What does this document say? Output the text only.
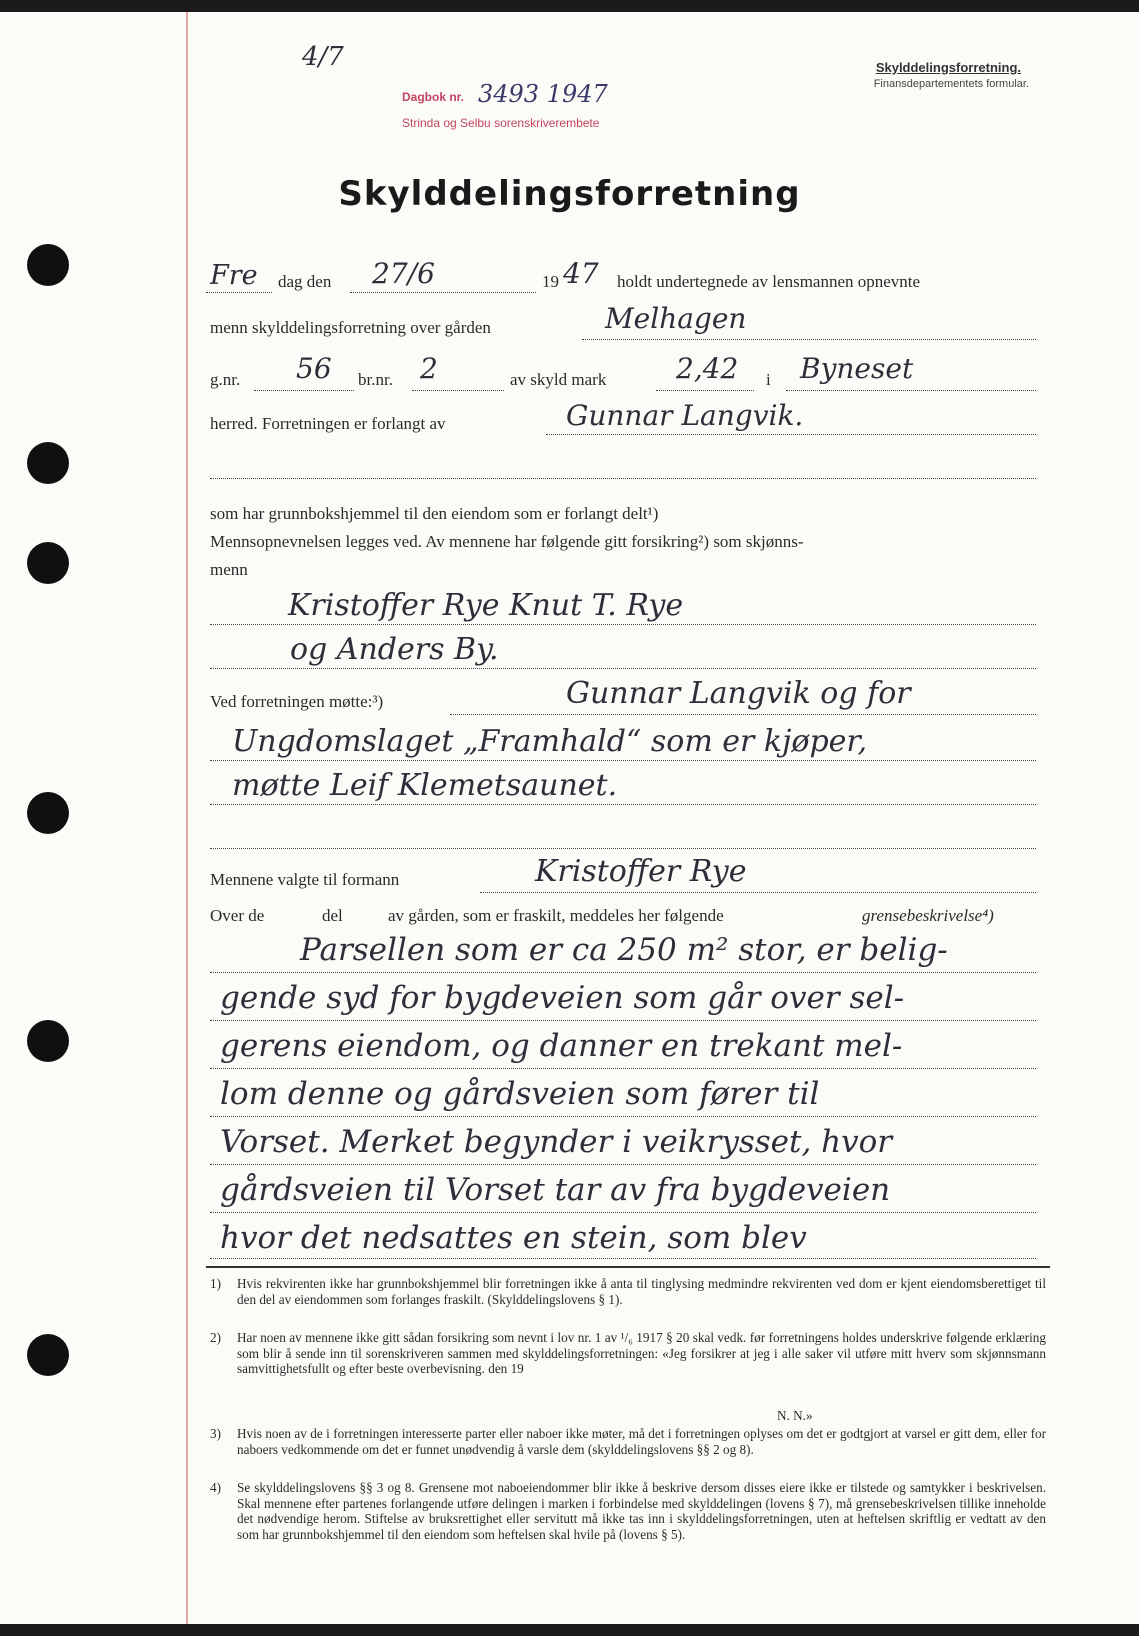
4/7	Skylddelingsforretning.
Finansdepartementets formular.
Dagbok nr. 3493 1947
Strinda og Selbu sorenskriverembete
Skylddelingsforretning
Fre dag den 27/6	19 47 holdt undertegnede av lensmannen opnevnte
menn skylddelingsforretning over gården	Melhagen
g.nr. 56 br.nr. 2	av skyld mark 2,42 i Byneset
herred. Forretningen er forlangt av	Gunnar Langvik.
som har grunnbokshjemmel til den eiendom som er forlangt delt¹)
Mennsopnevnelsen legges ved. Av mennene har følgende gitt forsikring²) som skjønns-
menn
Kristoffer Rye Knut T. Rye
og Anders By.
Ved forretningen møtte:³)	Gunnar Langvik og for
Ungdomslaget „Framhald“ som er kjøper,
møtte Leif Klemetsaunet.
Mennene valgte til formann	Kristoffer Rye
Over de	del	av gården, som er fraskilt, meddeles her følgende	grensebeskrivelse⁴)
Parsellen som er ca 250 m² stor, er belig-
gende syd for bygdeveien som går over sel-
gerens eiendom, og danner en trekant mel-
lom denne og gårdsveien som fører til
Vorset. Merket begynder i veikrysset, hvor
gårdsveien til Vorset tar av fra bygdeveien
hvor det nedsattes en stein, som blev
1) Hvis rekvirenten ikke har grunnbokshjemmel blir forretningen ikke å anta til tinglysing medmindre rekvirenten ved dom er kjent eiendomsberettiget til den del av eiendommen som forlanges fraskilt. (Skylddelingslovens § 1).
2) Har noen av mennene ikke gitt sådan forsikring som nevnt i lov nr. 1 av ¹/₆ 1917 § 20 skal vedk. før forretningens holdes underskrive følgende erklæring som blir å sende inn til sorenskriveren sammen med skylddelingsforretningen: «Jeg forsikrer at jeg i alle saker vil utføre mitt hverv som skjønnsmann samvittighetsfullt og efter beste overbevisning. den 19
N. N.»
3) Hvis noen av de i forretningen interesserte parter eller naboer ikke møter, må det i forretningen oplyses om det er godtgjort at varsel er gitt dem, eller for naboers vedkommende om det er funnet unødvendig å varsle dem (skylddelingslovens §§ 2 og 8).
4) Se skylddelingslovens §§ 3 og 8. Grensene mot naboeiendommer blir ikke å beskrive dersom disses eiere ikke er tilstede og samtykker i beskrivelsen. Skal mennene efter partenes forlangende utføre delingen i marken i forbindelse med skylddelingen (lovens § 7), må grensebeskrivelsen tillike inneholde det nødvendige herom. Stiftelse av bruksrettighet eller servitutt må ikke tas inn i skylddelingsforretningen, uten at heftelsen skriftlig er vedtatt av den som har grunnbokshjemmel til den eiendom som heftelsen skal hvile på (lovens § 5).
